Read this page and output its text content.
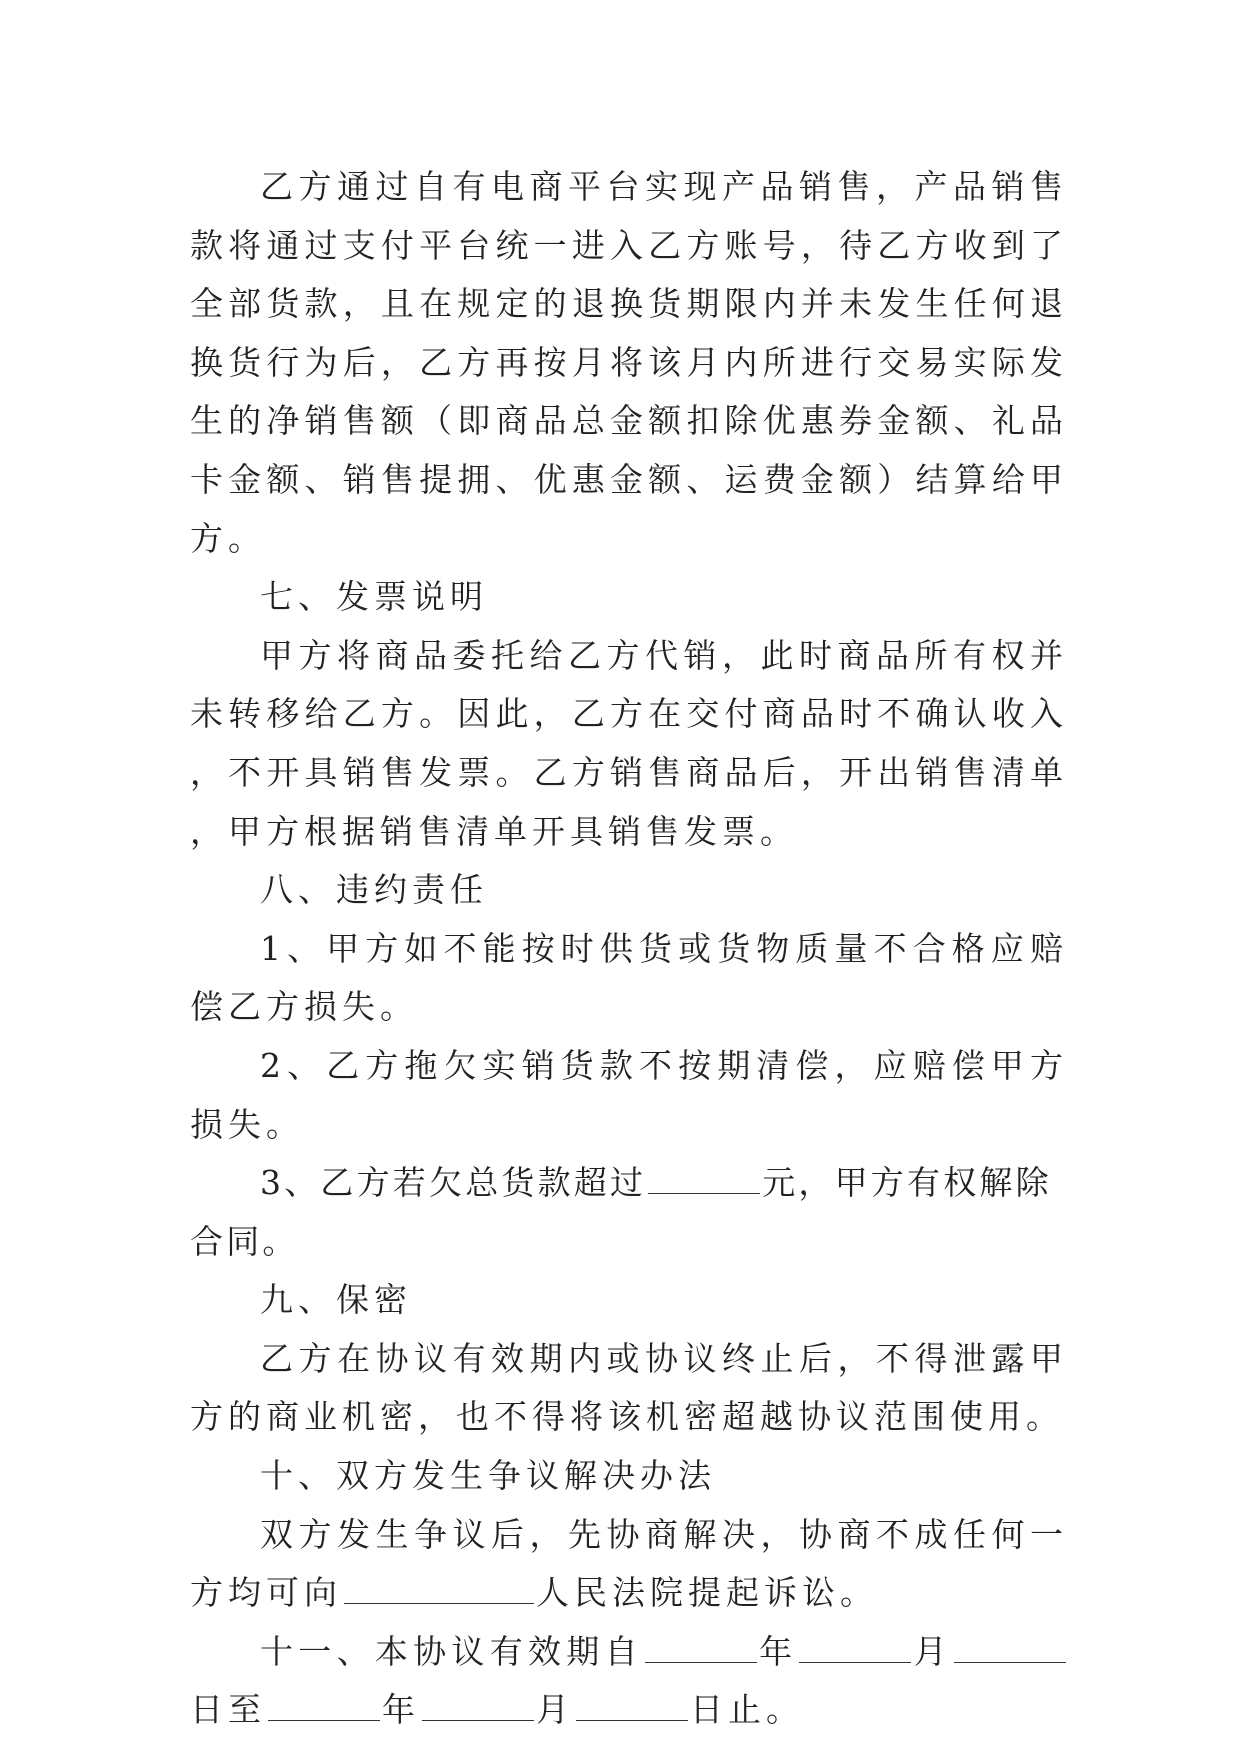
乙方通过自有电商平台实现产品销售，产品销售款将通过支付平台统一进入乙方账号，待乙方收到了全部货款，且在规定的退换货期限内并未发生任何退换货行为后，乙方再按月将该月内所进行交易实际发生的净销售额（即商品总金额扣除优惠券金额、礼品卡金额、销售提拥、优惠金额、运费金额）结算给甲方。

七、发票说明

甲方将商品委托给乙方代销，此时商品所有权并未转移给乙方。因此，乙方在交付商品时不确认收入，不开具销售发票。乙方销售商品后，开出销售清单，甲方根据销售清单开具销售发票。

八、违约责任

1、甲方如不能按时供货或货物质量不合格应赔偿乙方损失。

2、乙方拖欠实销货款不按期清偿，应赔偿甲方损失。

3、乙方若欠总货款超过	元，甲方有权解除合同。

九、保密

乙方在协议有效期内或协议终止后，不得泄露甲方的商业机密，也不得将该机密超越协议范围使用。

十、双方发生争议解决办法

双方发生争议后，先协商解决，协商不成任何一方均可向	人民法院提起诉讼。

十一、本协议有效期自	年	月日至	年	月	日止。
